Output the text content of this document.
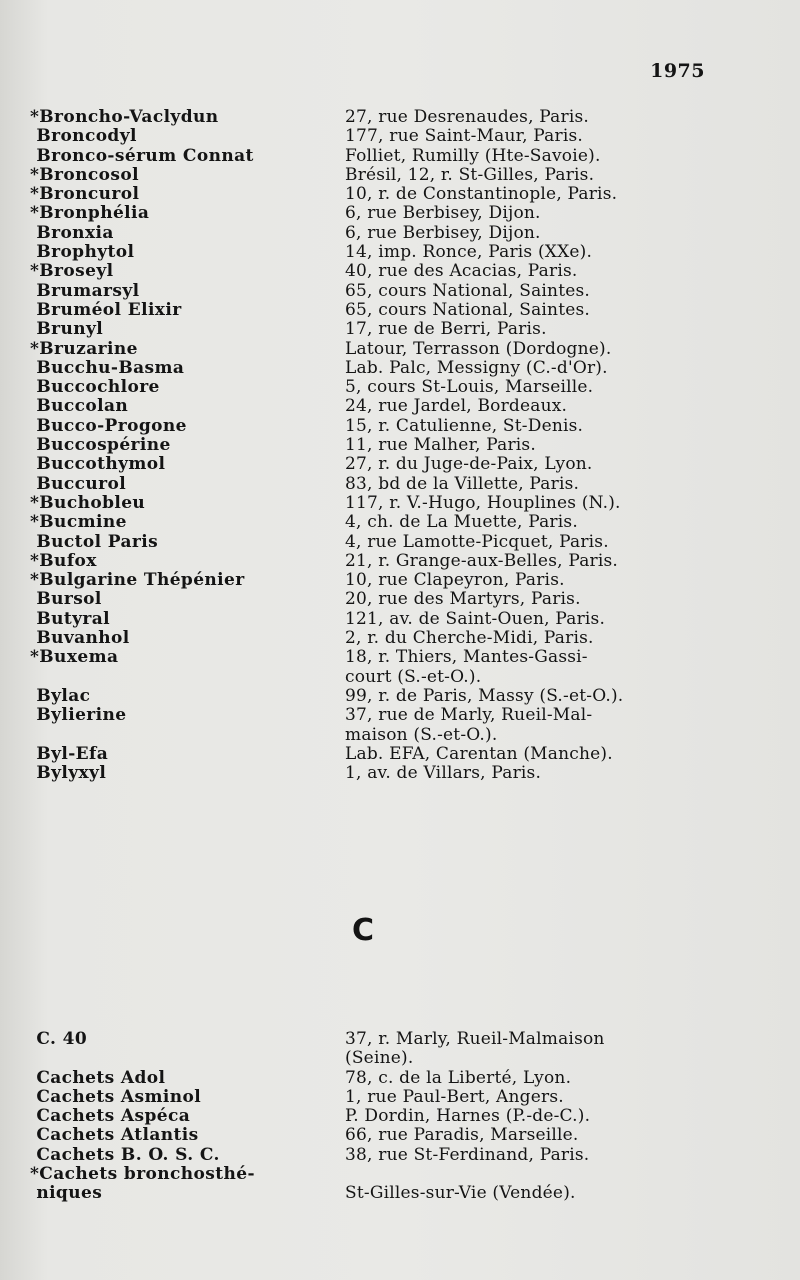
1975
*Broncho-Vaclydun	27, rue Desrenaudes, Paris.
Broncodyl	177, rue Saint-Maur, Paris.
Bronco-sérum Connat	Folliet, Rumilly (Hte-Savoie).
*Broncosol	Brésil, 12, r. St-Gilles, Paris.
*Broncurol	10, r. de Constantinople, Paris.
*Bronphélia	6, rue Berbisey, Dijon.
Bronxia	6, rue Berbisey, Dijon.
Brophytol	14, imp. Ronce, Paris (XXe).
*Broseyl	40, rue des Acacias, Paris.
Brumarsyl	65, cours National, Saintes.
Bruméol Elixir	65, cours National, Saintes.
Brunyl	17, rue de Berri, Paris.
*Bruzarine	Latour, Terrasson (Dordogne).
Bucchu-Basma	Lab. Palc, Messigny (C.-d'Or).
Buccochlore	5, cours St-Louis, Marseille.
Buccolan	24, rue Jardel, Bordeaux.
Bucco-Progone	15, r. Catulienne, St-Denis.
Buccospérine	11, rue Malher, Paris.
Buccothymol	27, r. du Juge-de-Paix, Lyon.
Buccurol	83, bd de la Villette, Paris.
*Buchobleu	117, r. V.-Hugo, Houplines (N.).
*Bucmine	4, ch. de La Muette, Paris.
Buctol Paris	4, rue Lamotte-Picquet, Paris.
*Bufox	21, r. Grange-aux-Belles, Paris.
*Bulgarine Thépénier	10, rue Clapeyron, Paris.
Bursol	20, rue des Martyrs, Paris.
Butyral	121, av. de Saint-Ouen, Paris.
Buvanhol	2, r. du Cherche-Midi, Paris.
*Buxema	18, r. Thiers, Mantes-Gassi-
court (S.-et-O.).
Bylac	99, r. de Paris, Massy (S.-et-O.).
Bylierine	37, rue de Marly, Rueil-Mal-
maison (S.-et-O.).
Byl-Efa	Lab. EFA, Carentan (Manche).
Bylyxyl	1, av. de Villars, Paris.
C
C. 40	37, r. Marly, Rueil-Malmaison
(Seine).
Cachets Adol	78, c. de la Liberté, Lyon.
Cachets Asminol	1, rue Paul-Bert, Angers.
Cachets Aspéca	P. Dordin, Harnes (P.-de-C.).
Cachets Atlantis	66, rue Paradis, Marseille.
Cachets B. O. S. C.	38, rue St-Ferdinand, Paris.
*Cachets bronchosthé-
niques	St-Gilles-sur-Vie (Vendée).
